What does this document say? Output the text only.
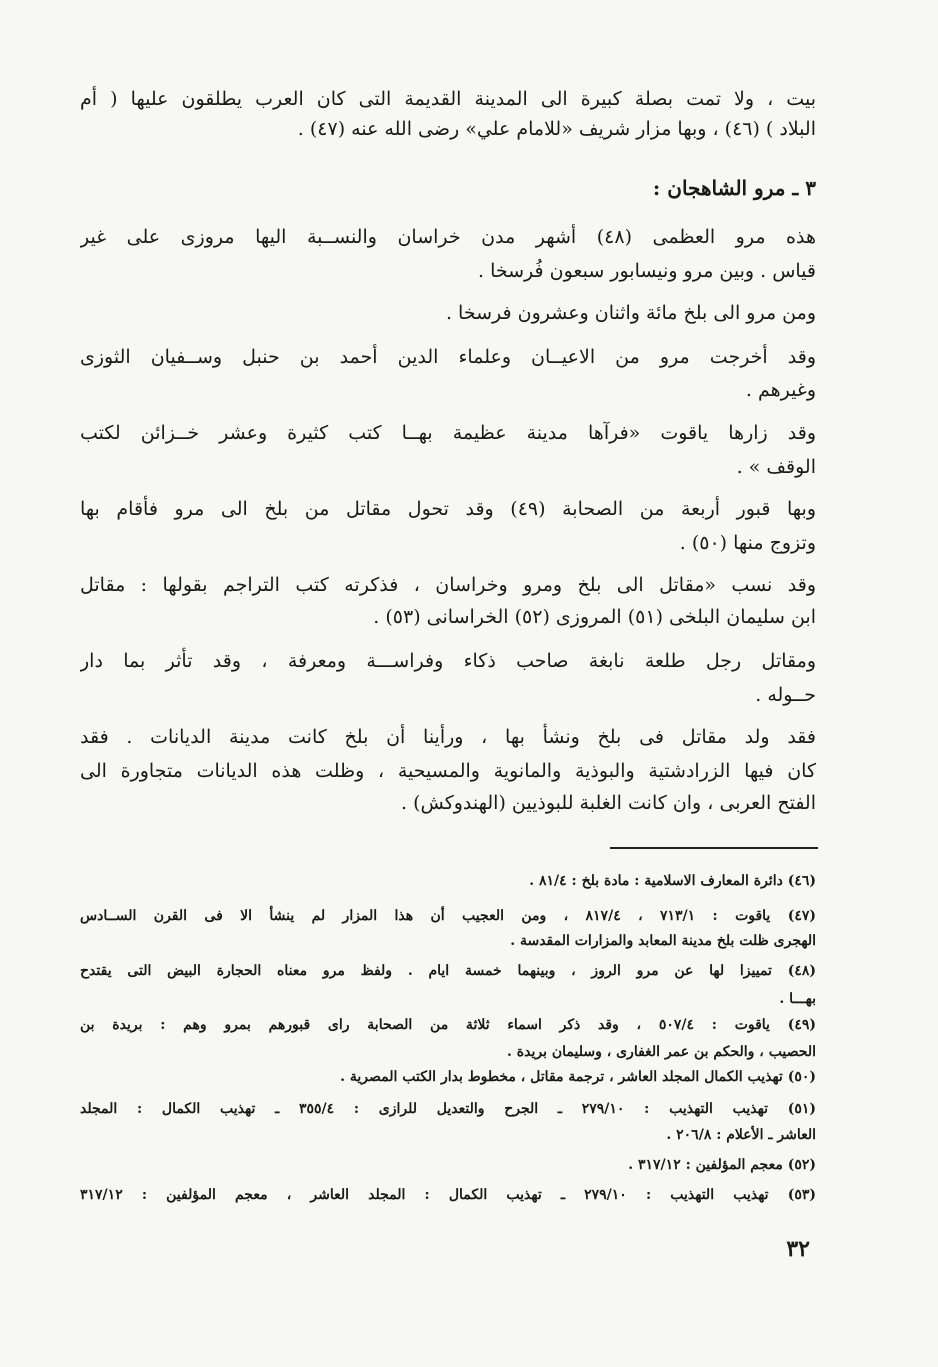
بيت ، ولا تمت بصلة كبيرة الى المدينة القديمة التى كان العرب يطلقون عليها ( أم
البلاد ) (٤٦) ، وبها مزار شريف «للامام علي» رضى الله عنه (٤٧) .
٣ ـ مرو الشاهجان :
هذه مرو العظمى (٤٨) أشهر مدن خراسان والنســبة اليها مروزى على غير
قياس . وبين مرو ونيسابور سبعون فُرسخا .
ومن مرو الى بلخ مائة واثنان وعشرون فرسخا .
وقد أخرجت مرو من الاعيــان وعلماء الدين أحمد بن حنبل وســفيان الثوزى
وغيرهم .
وقد زارها ياقوت «فرآها مدينة عظيمة بهــا كتب كثيرة وعشر خــزائن لكتب
الوقف » .
وبها قبور أربعة من الصحابة (٤٩) وقد تحول مقاتل من بلخ الى مرو فأقام بها
وتزوج منها (٥٠) .
وقد نسب «مقاتل الى بلخ ومرو وخراسان ، فذكرته كتب التراجم بقولها : مقاتل
ابن سليمان البلخى (٥١) المروزى (٥٢) الخراسانى (٥٣) .
ومقاتل رجل طلعة نابغة صاحب ذكاء وفراســـة ومعرفة ، وقد تأثر بما دار
حــوله .
فقد ولد مقاتل فى بلخ ونشأ بها ، ورأينا أن بلخ كانت مدينة الديانات . فقد
كان فيها الزرادشتية والبوذية والمانوية والمسيحية ، وظلت هذه الديانات متجاورة الى
الفتح العربى ، وان كانت الغلبة للبوذيين (الهندوكش) .
(٤٦) دائرة المعارف الاسلامية : مادة بلخ : ٨١/٤ .
(٤٧) ياقوت : ٧١٣/١ ، ٨١٧/٤ ، ومن العجيب أن هذا المزار لم ينشأ الا فى القرن الســادس
الهجرى ظلت بلخ مدينة المعابد والمزارات المقدسة .
(٤٨) تمييزا لها عن مرو الروز ، وبينهما خمسة ايام . ولفظ مرو معناه الحجارة البيض التى يقتدح
بهـــا .
(٤٩) ياقوت : ٥٠٧/٤ ، وقد ذكر اسماء ثلاثة من الصحابة راى قبورهم بمرو وهم : بريدة بن
الحصيب ، والحكم بن عمر الغفارى ، وسليمان بريدة .
(٥٠) تهذيب الكمال المجلد العاشر ، ترجمة مقاتل ، مخطوط بدار الكتب المصرية .
(٥١) تهذيب التهذيب : ٢٧٩/١٠ ـ الجرح والتعديل للرازى : ٣٥٥/٤ ـ تهذيب الكمال : المجلد
العاشر ـ الأعلام : ٢٠٦/٨ .
(٥٢) معجم المؤلفين : ٣١٧/١٢ .
(٥٣) تهذيب التهذيب : ٢٧٩/١٠ ـ تهذيب الكمال : المجلد العاشر ، معجم المؤلفين : ٣١٧/١٢
٣٢
